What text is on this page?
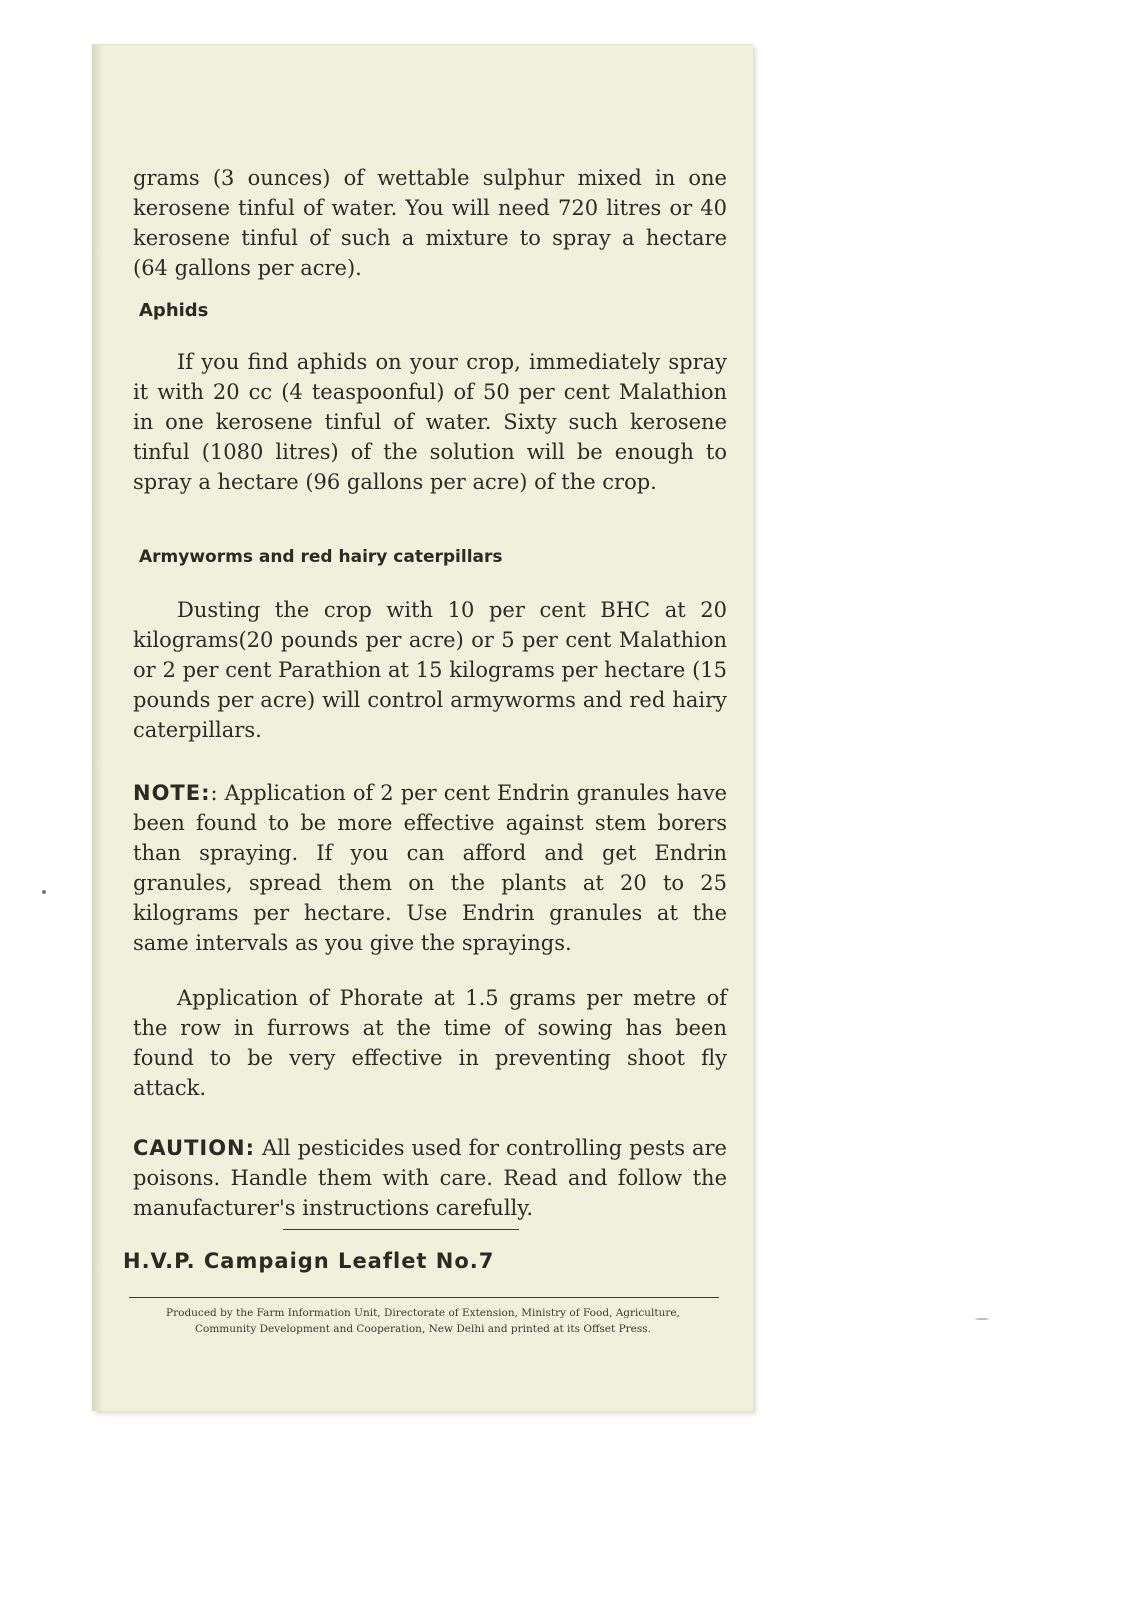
grams (3 ounces) of wettable sulphur mixed in one kerosene tinful of water. You will need 720 litres or 40 kerosene tinful of such a mixture to spray a hectare (64 gallons per acre).

Aphids

If you find aphids on your crop, immediately spray it with 20 cc (4 teaspoonful) of 50 per cent Malathion in one kerosene tinful of water. Sixty such kerosene tinful (1080 litres) of the solution will be enough to spray a hectare (96 gallons per acre) of the crop.

Armyworms and red hairy caterpillars

Dusting the crop with 10 per cent BHC at 20 kilograms(20 pounds per acre) or 5 per cent Malathion or 2 per cent Parathion at 15 kilograms per hectare (15 pounds per acre) will control armyworms and red hairy caterpillars.

NOTE:: Application of 2 per cent Endrin granules have been found to be more effective against stem borers than spraying. If you can afford and get Endrin granules, spread them on the plants at 20 to 25 kilograms per hectare. Use Endrin granules at the same intervals as you give the sprayings.

Application of Phorate at 1.5 grams per metre of the row in furrows at the time of sowing has been found to be very effective in preventing shoot fly attack.

CAUTION: All pesticides used for controlling pests are poisons. Handle them with care. Read and follow the manufacturer's instructions carefully.

H.V.P. Campaign Leaflet No.7
Produced by the Farm Information Unit, Directorate of Extension, Ministry of Food, Agriculture,
Community Development and Cooperation, New Delhi and printed at its Offset Press.
